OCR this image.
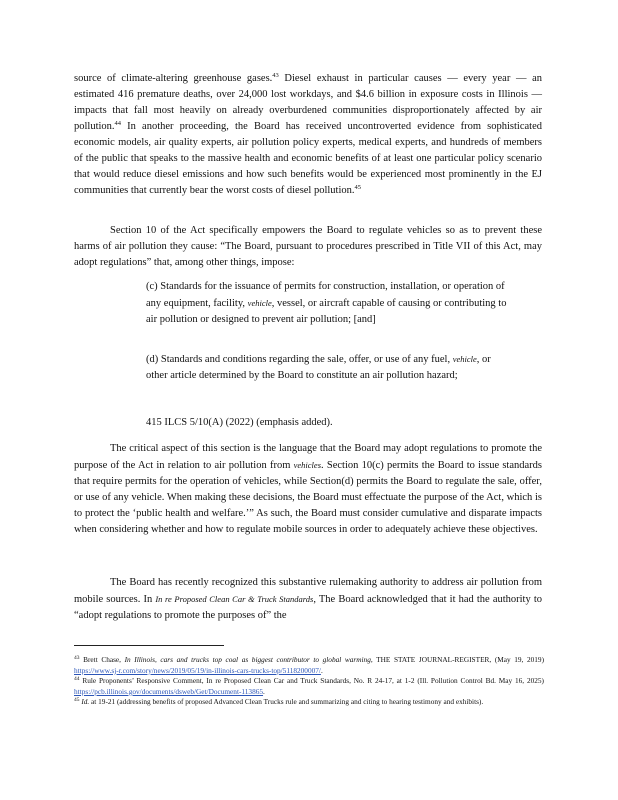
source of climate-altering greenhouse gases.$^{43}$ Diesel exhaust in particular causes — every year — an estimated 416 premature deaths, over 24,000 lost workdays, and $4.6 billion in exposure costs in Illinois — impacts that fall most heavily on already overburdened communities disproportionately affected by air pollution.$^{44}$ In another proceeding, the Board has received uncontroverted evidence from sophisticated economic models, air quality experts, air pollution policy experts, medical experts, and hundreds of members of the public that speaks to the massive health and economic benefits of at least one particular policy scenario that would reduce diesel emissions and how such benefits would be experienced most prominently in the EJ communities that currently bear the worst costs of diesel pollution.$^{45}$
Section 10 of the Act specifically empowers the Board to regulate vehicles so as to prevent these harms of air pollution they cause: “The Board, pursuant to procedures prescribed in Title VII of this Act, may adopt regulations” that, among other things, impose:
(c) Standards for the issuance of permits for construction, installation, or operation of any equipment, facility, vehicle, vessel, or aircraft capable of causing or contributing to air pollution or designed to prevent air pollution; [and]
(d) Standards and conditions regarding the sale, offer, or use of any fuel, vehicle, or other article determined by the Board to constitute an air pollution hazard;
415 ILCS 5/10(A) (2022) (emphasis added).
The critical aspect of this section is the language that the Board may adopt regulations to promote the purpose of the Act in relation to air pollution from vehicles. Section 10(c) permits the Board to issue standards that require permits for the operation of vehicles, while Section(d) permits the Board to regulate the sale, offer, or use of any vehicle. When making these decisions, the Board must effectuate the purpose of the Act, which is to protect the ‘public health and welfare.’” As such, the Board must consider cumulative and disparate impacts when considering whether and how to regulate mobile sources in order to adequately achieve these objectives.
The Board has recently recognized this substantive rulemaking authority to address air pollution from mobile sources. In In re Proposed Clean Car & Truck Standards, The Board acknowledged that it had the authority to “adopt regulations to promote the purposes of” the

$^{43}$ Brett Chase, In Illinois, cars and trucks top coal as biggest contributor to global warming, THE STATE JOURNAL-REGISTER, (May 19, 2019) https://www.sj-r.com/story/news/2019/05/19/in-illinois-cars-trucks-top/5118200007/.

$^{44}$ Rule Proponents’ Responsive Comment, In re Proposed Clean Car and Truck Standards, No. R 24-17, at 1-2 (Ill. Pollution Control Bd. May 16, 2025) https://pcb.illinois.gov/documents/dsweb/Get/Document-113865.

$^{45}$ Id. at 19-21 (addressing benefits of proposed Advanced Clean Trucks rule and summarizing and citing to hearing testimony and exhibits).
